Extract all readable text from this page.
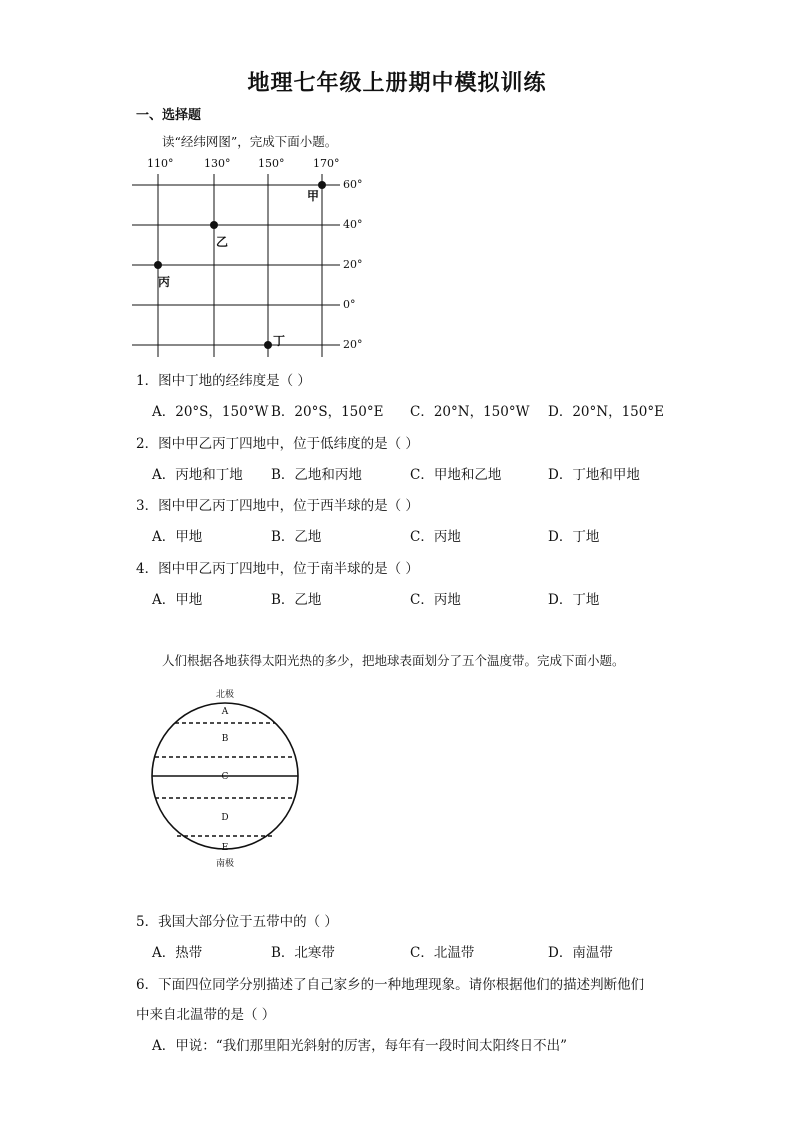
地理七年级上册期中模拟训练
一、选择题
读“经纬网图”，完成下面小题。
110°	130°	150°	170°
60°
40°
20°
0°
20°
甲
乙
丙
丁
1．图中丁地的经纬度是（ ）
A．20°S，150°W B．20°S，150°E C．20°N，150°W D．20°N，150°E
2．图中甲乙丙丁四地中，位于低纬度的是（ ）
A．丙地和丁地 B．乙地和丙地	C．甲地和乙地	D．丁地和甲地
3．图中甲乙丙丁四地中，位于西半球的是（ ）
A．甲地	B．乙地	C．丙地	D．丁地
4．图中甲乙丙丁四地中，位于南半球的是（ ）
A．甲地	B．乙地	C．丙地	D．丁地
人们根据各地获得太阳光热的多少，把地球表面划分了五个温度带。完成下面小题。
北极
南极
A
B
C
D
E
5．我国大部分位于五带中的（ ）
A．热带	B．北寒带	C．北温带	D．南温带
6．下面四位同学分别描述了自己家乡的一种地理现象。请你根据他们的描述判断他们
中来自北温带的是（ ）
A．甲说：“我们那里阳光斜射的厉害，每年有一段时间太阳终日不出”
